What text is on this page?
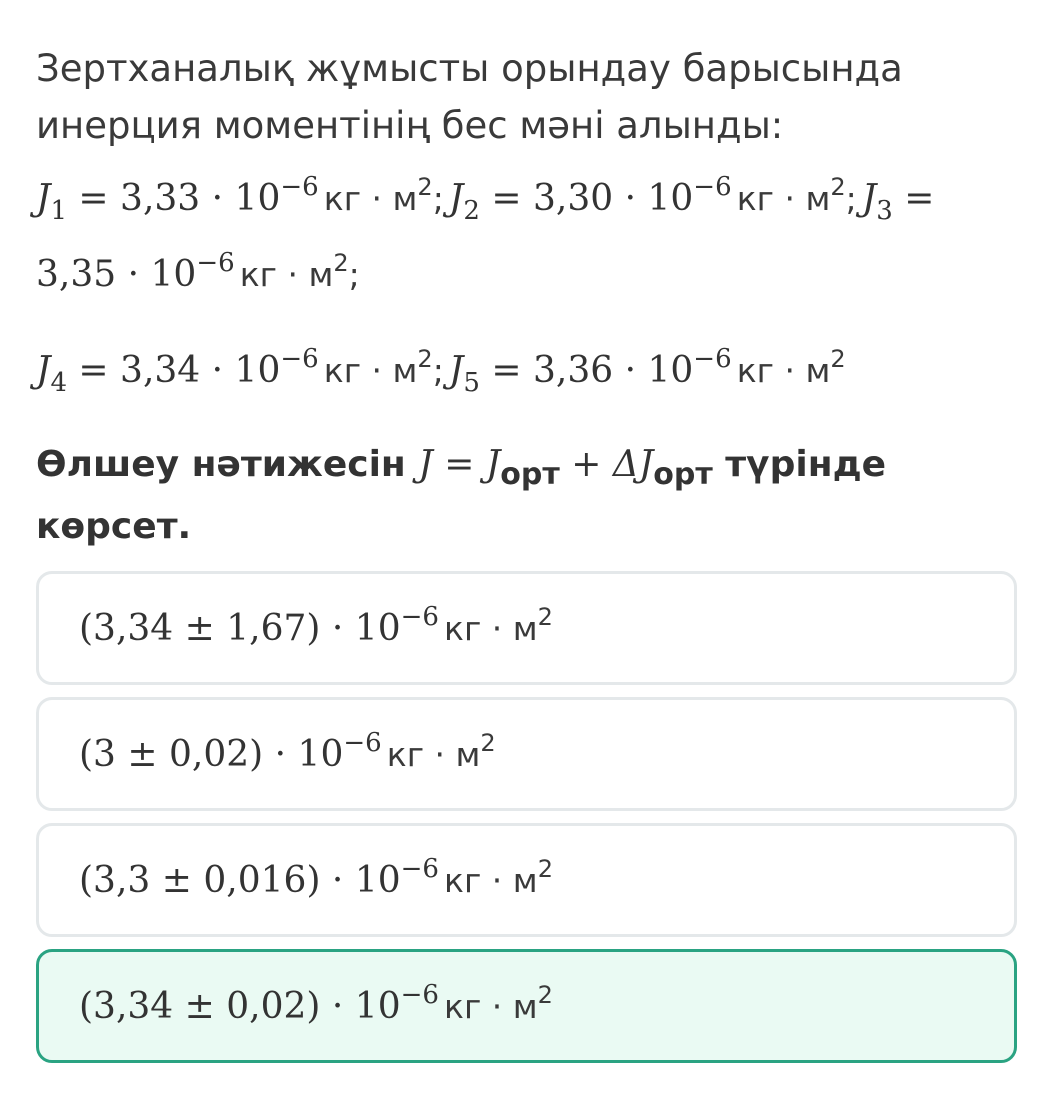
Зертханалық жұмысты орындау барысында
инерция моментінің бес мәні алынды:

$J_1 = 3,33 \cdot 10^{-6}$ кг · $м^2$; $J_2 = 3,30 \cdot 10^{-6}$ кг · $м^2$; $J_3$ =
$3,35 \cdot 10^{-6}$ кг · $м^2$;
$J_4 = 3,34 \cdot 10^{-6}$ кг · $м^2$; $J_5 = 3,36 \cdot 10^{-6}$ кг · $м^2$
Өлшеу нәтижесін $J = J_{орт} + \Delta J_{орт}$ түрінде
көрсет.
$(3,34 \pm 1,67) \cdot 10^{-6}$ кг · $м^2$
$(3 \pm 0,02) \cdot 10^{-6}$ кг · $м^2$
$(3,3 \pm 0,016) \cdot 10^{-6}$ кг · $м^2$
$(3,34 \pm 0,02) \cdot 10^{-6}$ кг · $м^2$
